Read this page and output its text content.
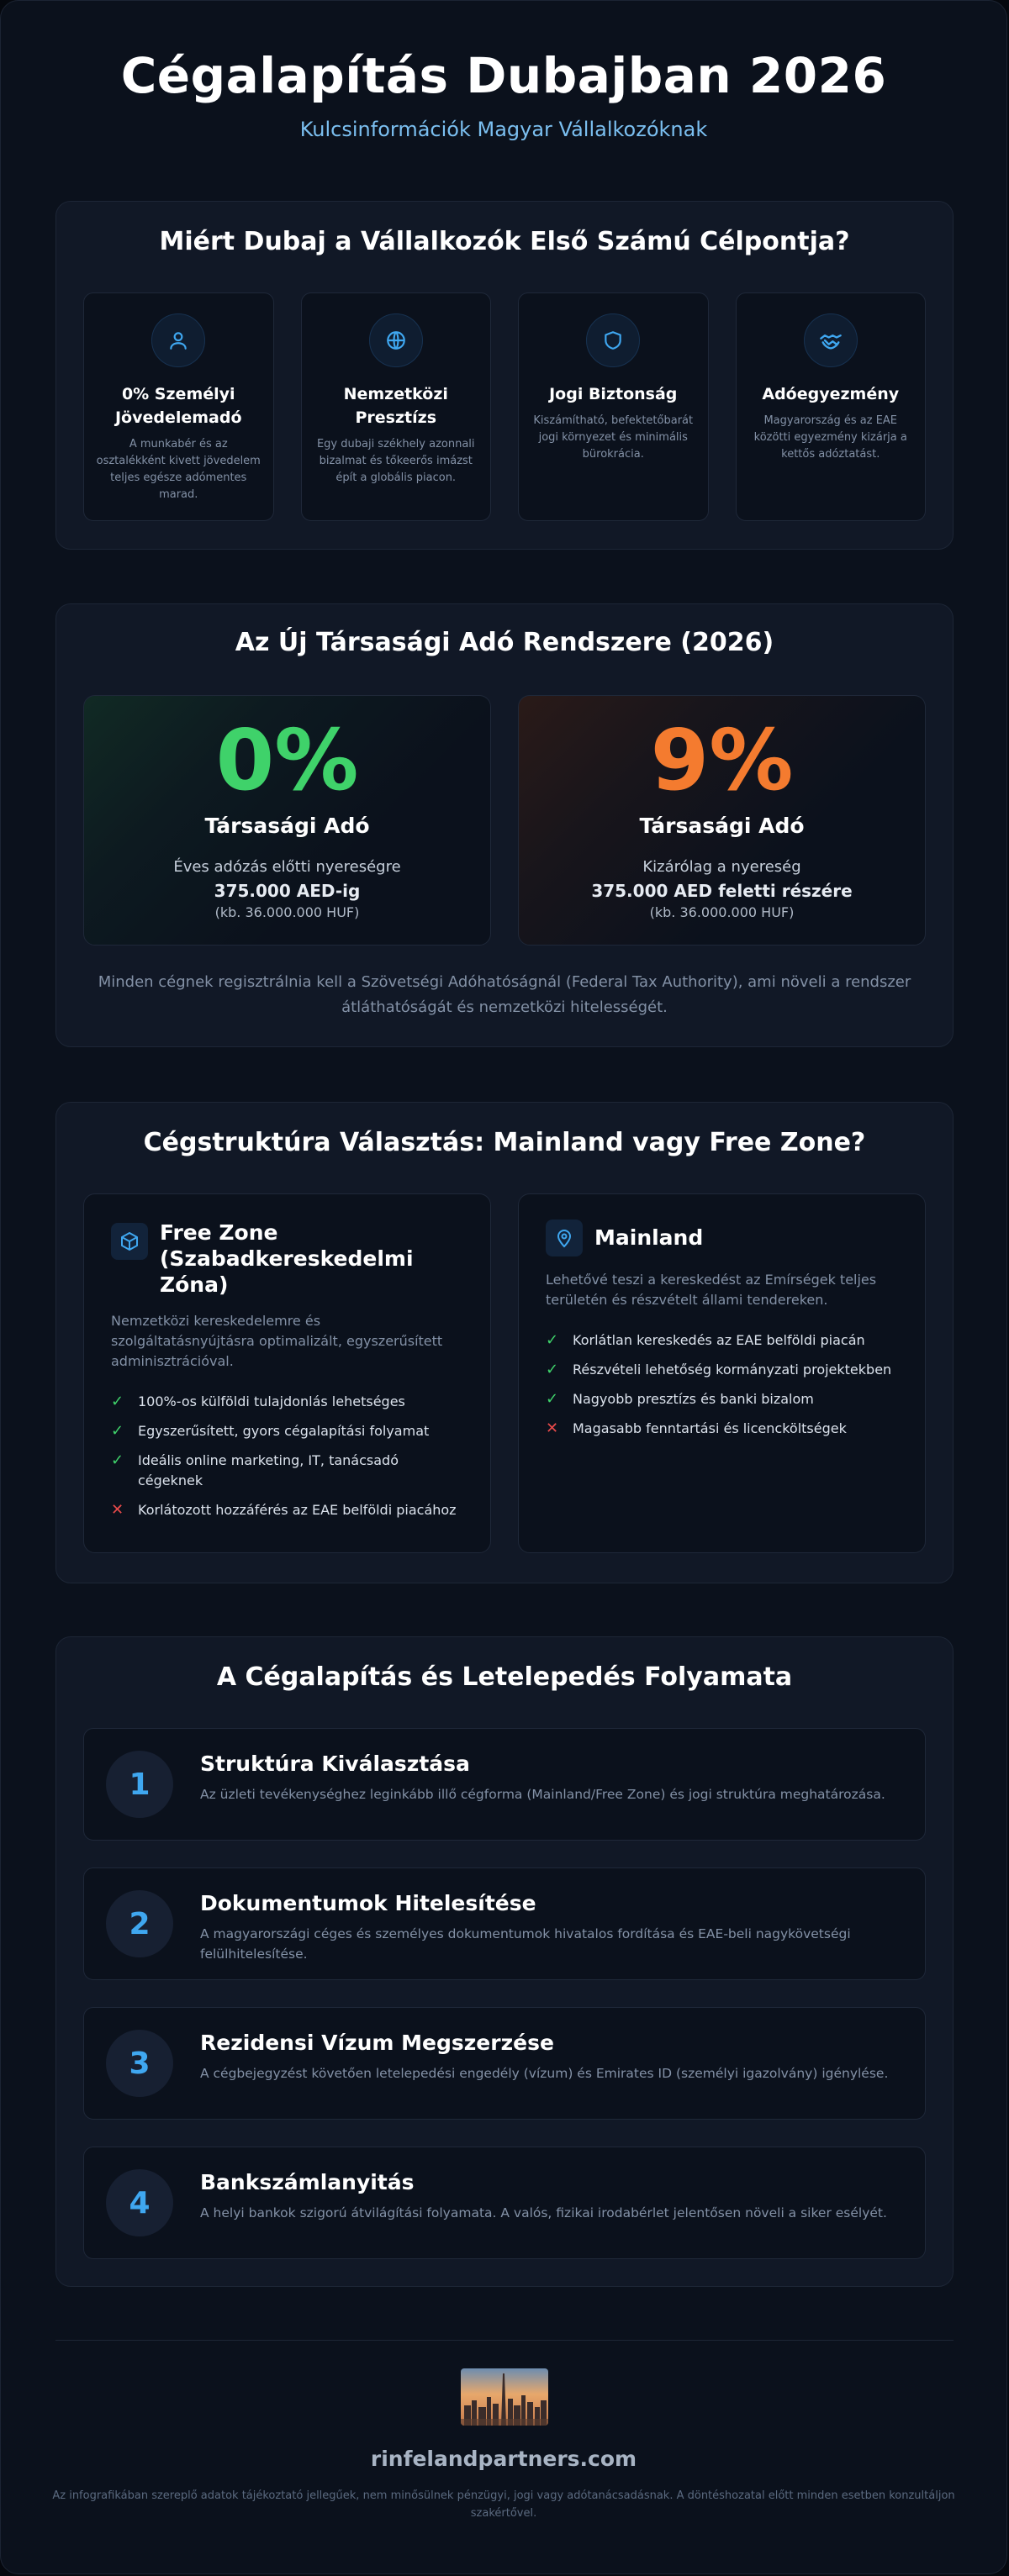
Cégalapítás Dubajban 2026
Kulcsinformációk Magyar Vállalkozóknak
Miért Dubaj a Vállalkozók Első Számú Célpontja?
0% Személyi Jövedelemadó

A munkabér és az osztalékként kivett jövedelem teljes egésze adómentes marad.

Nemzetközi Presztízs

Egy dubaji székhely azonnali bizalmat és tőkeerős imázst épít a globális piacon.

Jogi Biztonság

Kiszámítható, befektetőbarát jogi környezet és minimális bürokrácia.

Adóegyezmény

Magyarország és az EAE közötti egyezmény kizárja a kettős adóztatást.

Az Új Társasági Adó Rendszere (2026)
0%
Társasági Adó
Éves adózás előtti nyereségre
375.000 AED-ig
(kb. 36.000.000 HUF)
9%
Társasági Adó
Kizárólag a nyereség
375.000 AED feletti részére
(kb. 36.000.000 HUF)
Minden cégnek regisztrálnia kell a Szövetségi Adóhatóságnál (Federal Tax Authority), ami növeli a rendszer átláthatóságát és nemzetközi hitelességét.
Cégstruktúra Választás: Mainland vagy Free Zone?
Free Zone (Szabadkereskedelmi Zóna)
Nemzetközi kereskedelemre és szolgáltatásnyújtásra optimalizált, egyszerűsített adminisztrációval.
✓	100%-os külföldi tulajdonlás lehetséges
✓	Egyszerűsített, gyors cégalapítási folyamat
✓	Ideális online marketing, IT, tanácsadó cégeknek
✕	Korlátozott hozzáférés az EAE belföldi piacához
Mainland
Lehetővé teszi a kereskedést az Emírségek teljes területén és részvételt állami tendereken.
✓	Korlátlan kereskedés az EAE belföldi piacán
✓	Részvételi lehetőség kormányzati projektekben
✓	Nagyobb presztízs és banki bizalom
✕	Magasabb fenntartási és licencköltségek
A Cégalapítás és Letelepedés Folyamata
1
Struktúra Kiválasztása
Az üzleti tevékenységhez leginkább illő cégforma (Mainland/Free Zone) és jogi struktúra meghatározása.
2
Dokumentumok Hitelesítése
A magyarországi céges és személyes dokumentumok hivatalos fordítása és EAE-beli nagykövetségi felülhitelesítése.
3
Rezidensi Vízum Megszerzése
A cégbejegyzést követően letelepedési engedély (vízum) és Emirates ID (személyi igazolvány) igénylése.
4
Bankszámlanyitás
A helyi bankok szigorú átvilágítási folyamata. A valós, fizikai irodabérlet jelentősen növeli a siker esélyét.
rinfelandpartners.com
Az infografikában szereplő adatok tájékoztató jellegűek, nem minősülnek pénzügyi, jogi vagy adótanácsadásnak. A döntéshozatal előtt minden esetben konzultáljon szakértővel.
